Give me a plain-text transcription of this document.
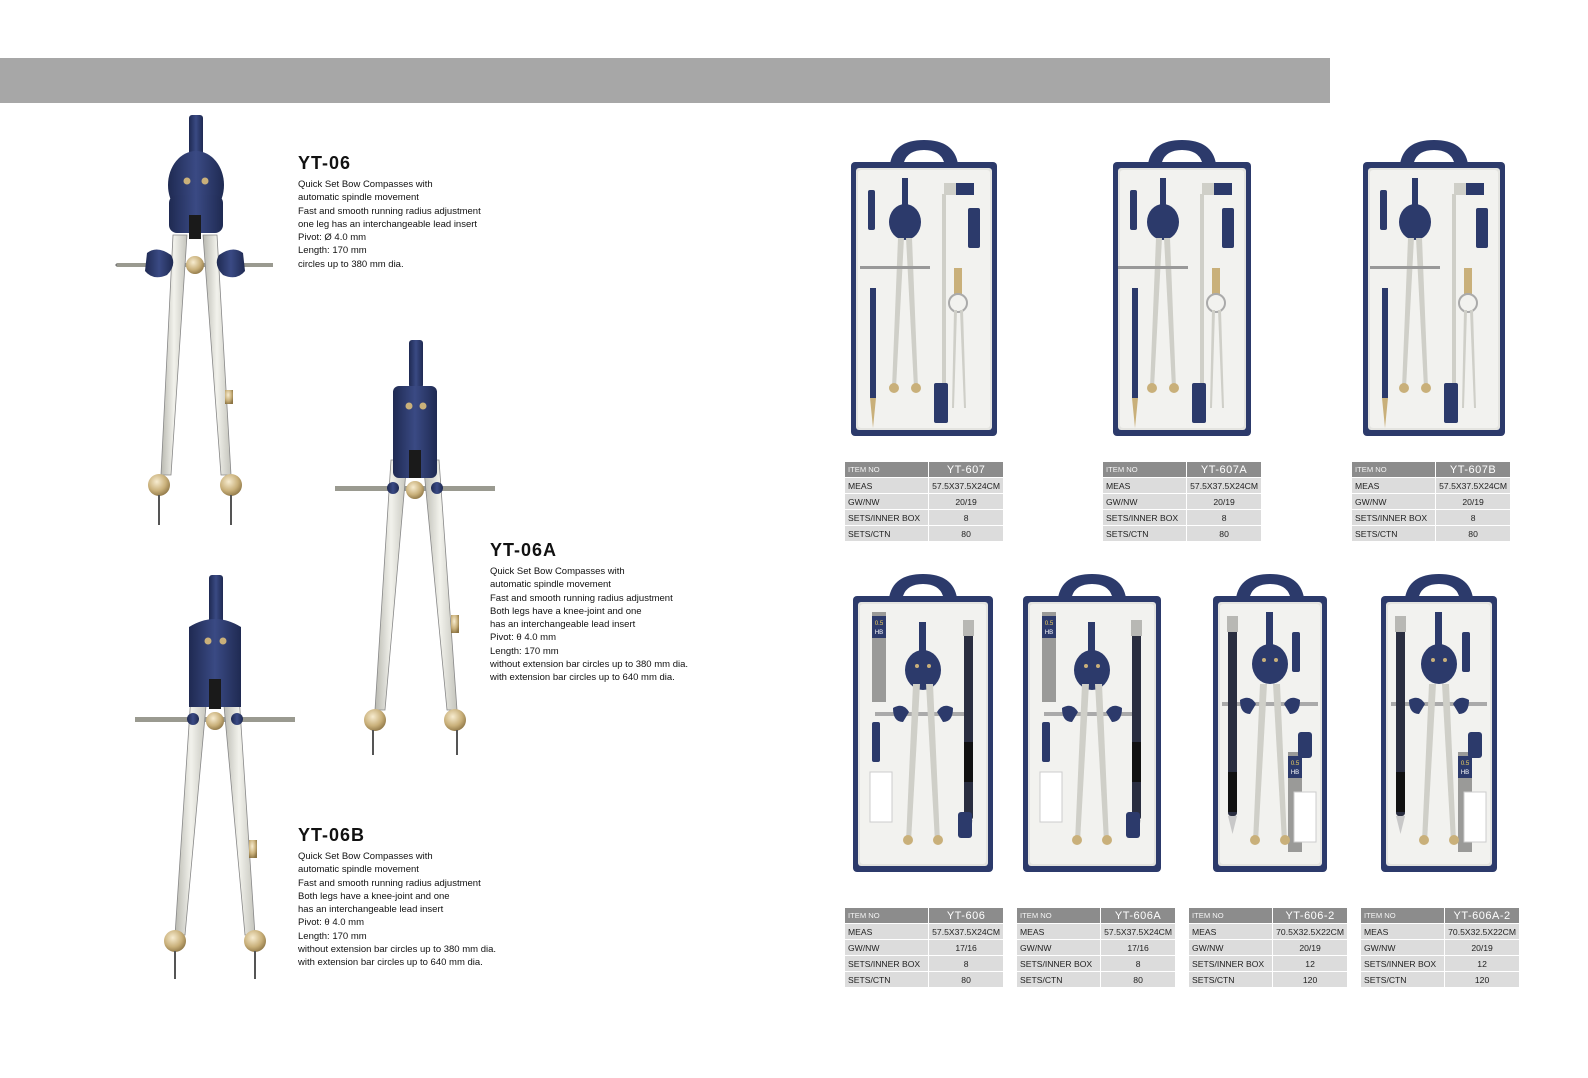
YT-06
Quick Set Bow Compasses with
automatic spindle movement
Fast and smooth running radius adjustment
one leg has an interchangeable lead insert
Pivot: Ø 4.0 mm
Length: 170 mm
circles up to 380 mm dia.
YT-06A
Quick Set Bow Compasses with
automatic spindle movement
Fast and smooth running radius adjustment
Both legs have a knee-joint and one
has an interchangeable lead insert
Pivot: θ 4.0 mm
Length: 170 mm
without extension bar circles up to 380 mm dia.
with extension bar circles up to 640 mm dia.
YT-06B
Quick Set Bow Compasses with
automatic spindle movement
Fast and smooth running radius adjustment
Both legs have a knee-joint and one
has an interchangeable lead insert
Pivot: θ 4.0 mm
Length: 170 mm
without extension bar circles up to 380 mm dia.
with extension bar circles up to 640 mm dia.
ITEM NO	YT-607
MEAS	57.5X37.5X24CM
GW/NW	20/19
SETS/INNER BOX	8
SETS/CTN	80
ITEM NO	YT-607A
MEAS	57.5X37.5X24CM
GW/NW	20/19
SETS/INNER BOX	8
SETS/CTN	80
ITEM NO	YT-607B
MEAS	57.5X37.5X24CM
GW/NW	20/19
SETS/INNER BOX	8
SETS/CTN	80
0.5
HB
ITEM NO	YT-606
MEAS	57.5X37.5X24CM
GW/NW	17/16
SETS/INNER BOX	8
SETS/CTN	80
0.5
HB
ITEM NO	YT-606A
MEAS	57.5X37.5X24CM
GW/NW	17/16
SETS/INNER BOX	8
SETS/CTN	80
0.5
HB
ITEM NO	YT-606-2
MEAS	70.5X32.5X22CM
GW/NW	20/19
SETS/INNER BOX	12
SETS/CTN	120
0.5
HB
ITEM NO	YT-606A-2
MEAS	70.5X32.5X22CM
GW/NW	20/19
SETS/INNER BOX	12
SETS/CTN	120
